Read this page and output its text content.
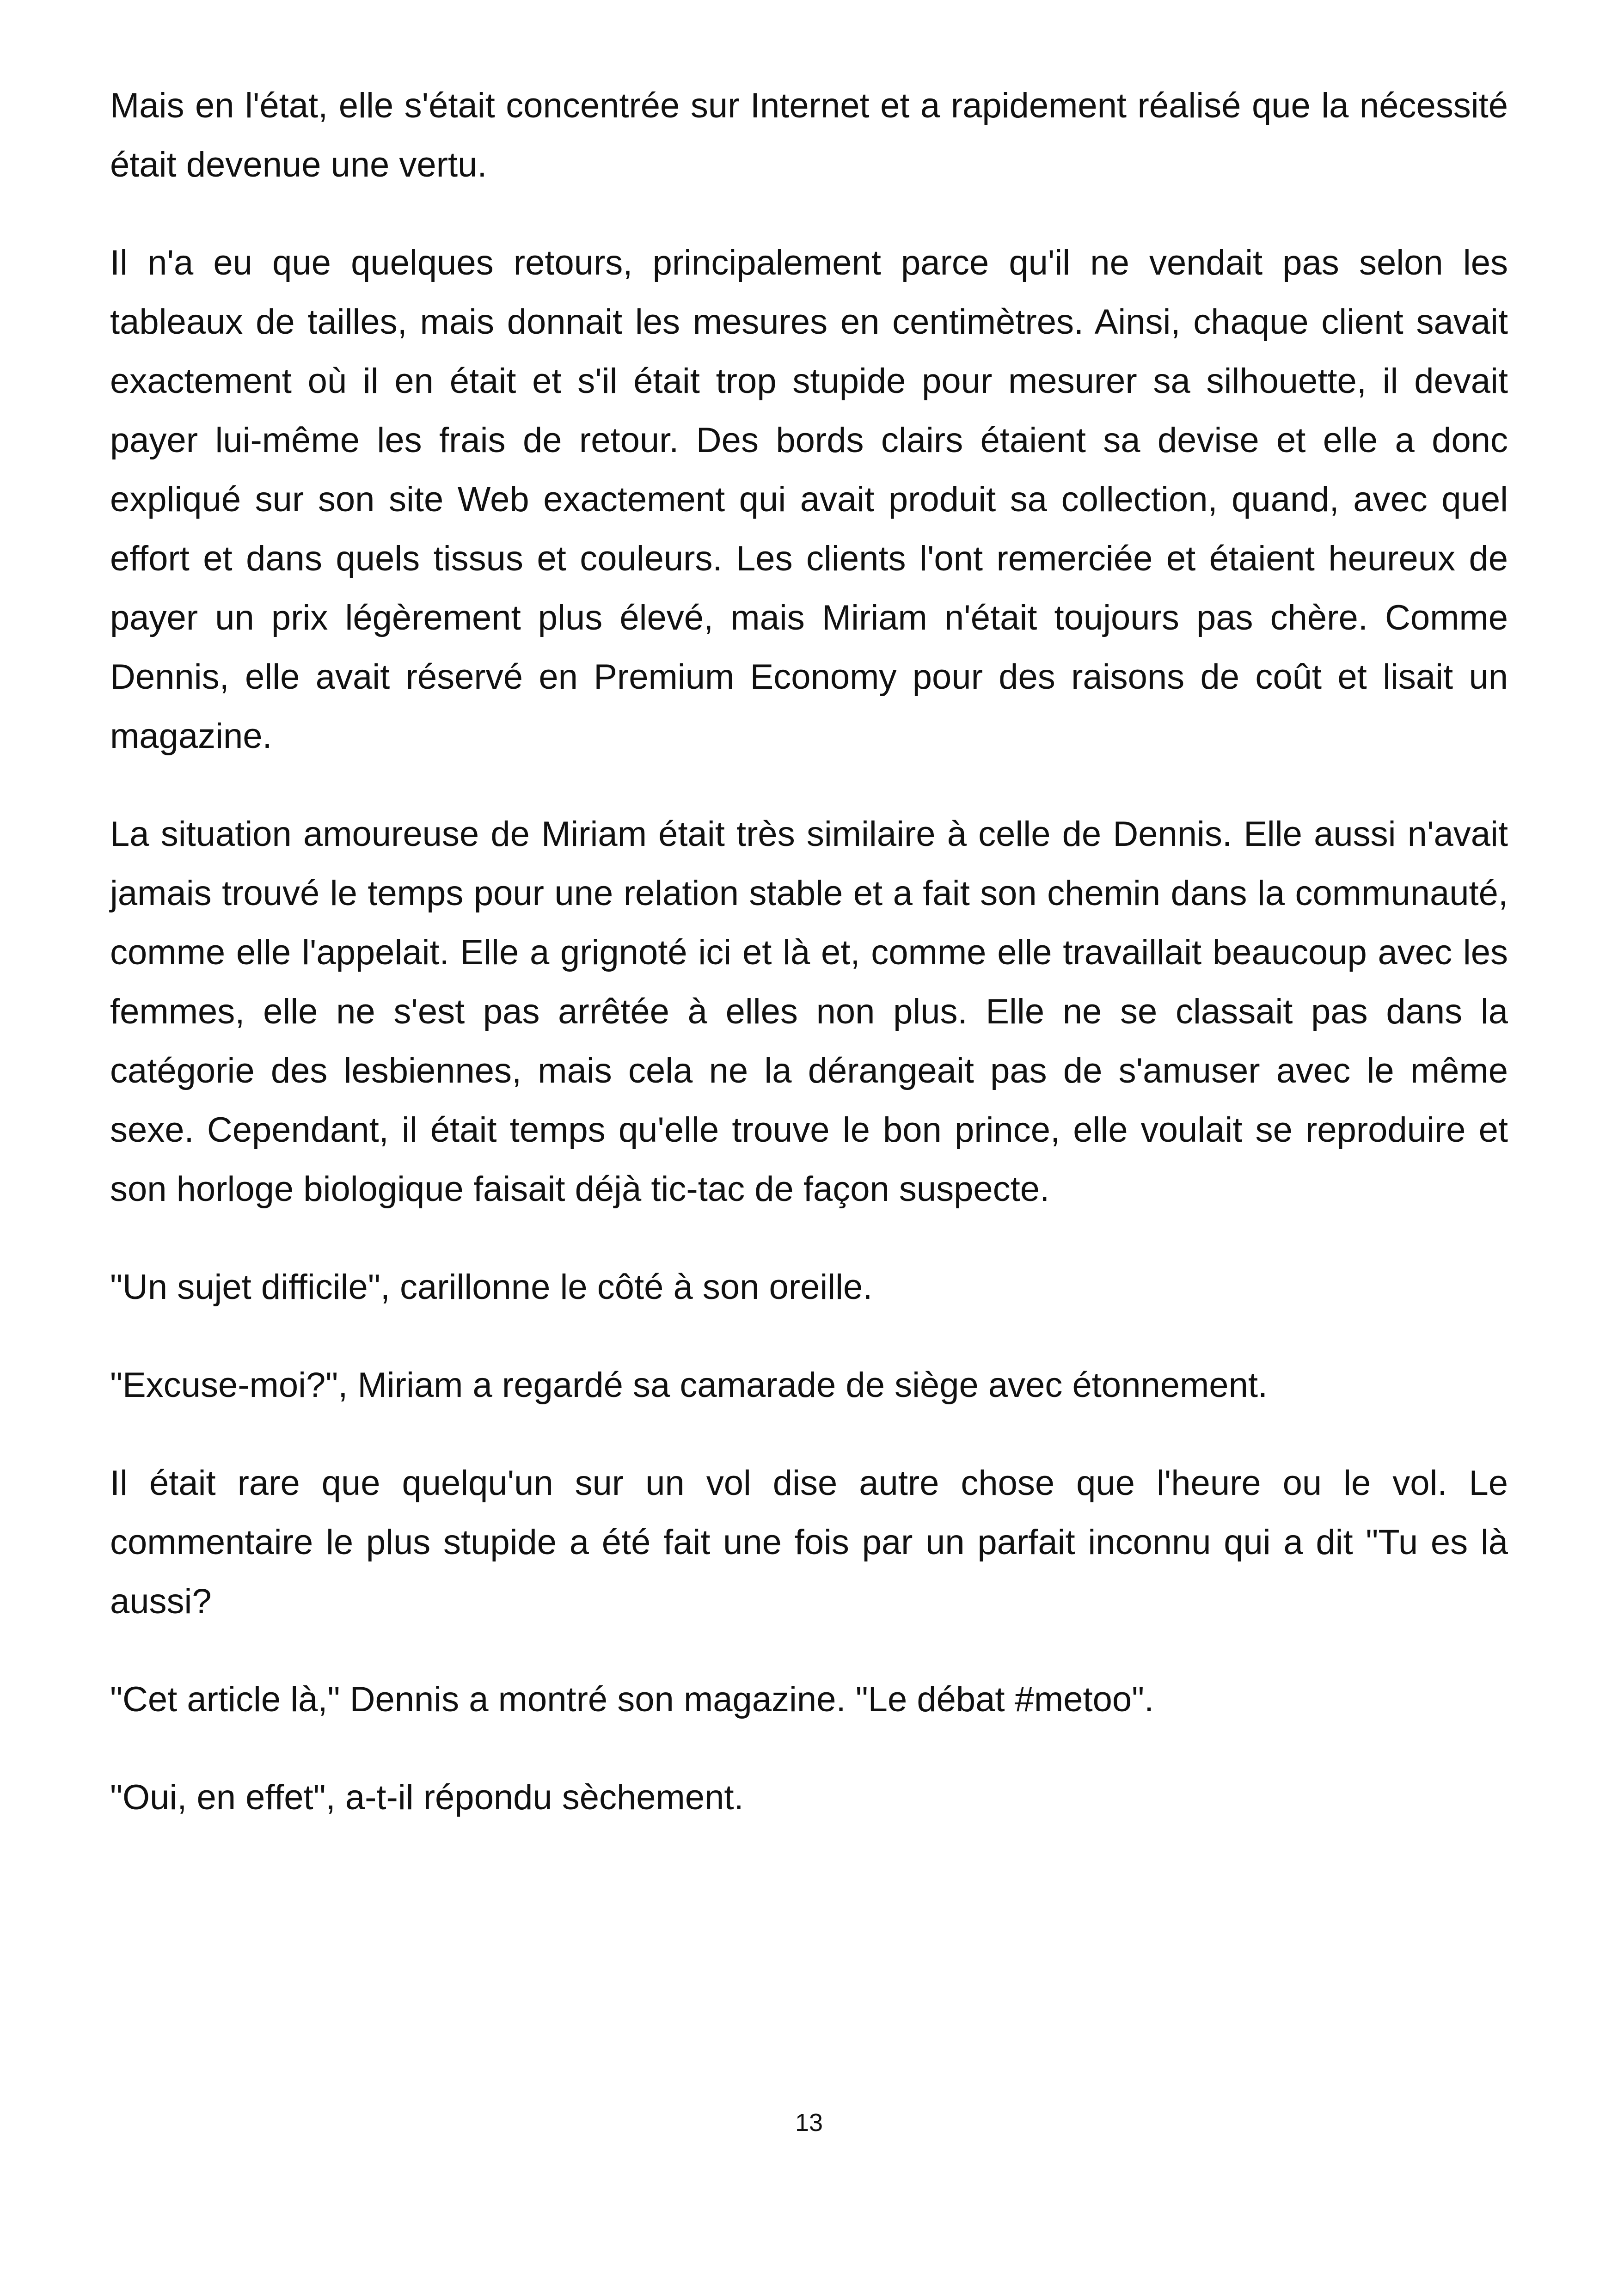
Mais en l'état, elle s'était concentrée sur Internet et a rapidement réalisé que la nécessité était devenue une vertu.

Il n'a eu que quelques retours, principalement parce qu'il ne vendait pas selon les tableaux de tailles, mais donnait les mesures en centimètres. Ainsi, chaque client savait exactement où il en était et s'il était trop stupide pour mesurer sa silhouette, il devait payer lui-même les frais de retour. Des bords clairs étaient sa devise et elle a donc expliqué sur son site Web exactement qui avait produit sa collection, quand, avec quel effort et dans quels tissus et couleurs. Les clients l'ont remerciée et étaient heureux de payer un prix légèrement plus élevé, mais Miriam n'était toujours pas chère. Comme Dennis, elle avait réservé en Premium Economy pour des raisons de coût et lisait un magazine.

La situation amoureuse de Miriam était très similaire à celle de Dennis. Elle aussi n'avait jamais trouvé le temps pour une relation stable et a fait son chemin dans la communauté, comme elle l'appelait. Elle a grignoté ici et là et, comme elle travaillait beaucoup avec les femmes, elle ne s'est pas arrêtée à elles non plus. Elle ne se classait pas dans la catégorie des lesbiennes, mais cela ne la dérangeait pas de s'amuser avec le même sexe. Cependant, il était temps qu'elle trouve le bon prince, elle voulait se reproduire et son horloge biologique faisait déjà tic-tac de façon suspecte.

"Un sujet difficile", carillonne le côté à son oreille.

"Excuse-moi?", Miriam a regardé sa camarade de siège avec étonnement.

Il était rare que quelqu'un sur un vol dise autre chose que l'heure ou le vol. Le commentaire le plus stupide a été fait une fois par un parfait inconnu qui a dit "Tu es là aussi?

"Cet article là," Dennis a montré son magazine. "Le débat #metoo".

"Oui, en effet", a-t-il répondu sèchement.

13
